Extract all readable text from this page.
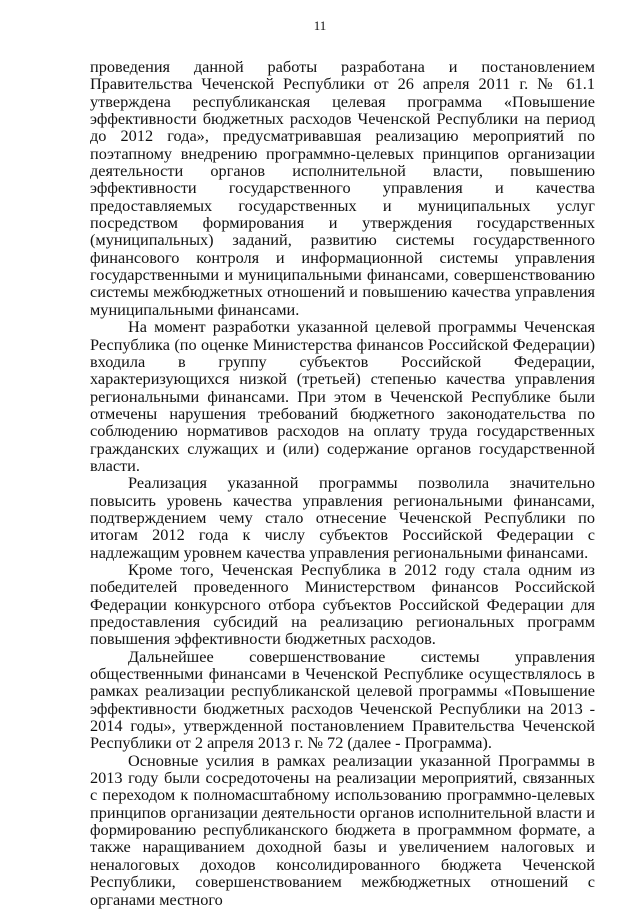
11

проведения данной работы разработана и постановлением Правительства Чеченской Республики от 26 апреля 2011 г. № 61.1 утверждена республиканская целевая программа «Повышение эффективности бюджетных расходов Чеченской Республики на период до 2012 года», предусматривавшая реализацию мероприятий по поэтапному внедрению программно-целевых принципов организации деятельности органов исполнительной власти, повышению эффективности государственного управления и качества предоставляемых государственных и муниципальных услуг посредством формирования и утверждения государственных (муниципальных) заданий, развитию системы государственного финансового контроля и информационной системы управления государственными и муниципальными финансами, совершенствованию системы межбюджетных отношений и повышению качества управления муниципальными финансами.

На момент разработки указанной целевой программы Чеченская Республика (по оценке Министерства финансов Российской Федерации) входила в группу субъектов Российской Федерации, характеризующихся низкой (третьей) степенью качества управления региональными финансами. При этом в Чеченской Республике были отмечены нарушения требований бюджетного законодательства по соблюдению нормативов расходов на оплату труда государственных гражданских служащих и (или) содержание органов государственной власти.

Реализация указанной программы позволила значительно повысить уровень качества управления региональными финансами, подтверждением чему стало отнесение Чеченской Республики по итогам 2012 года к числу субъектов Российской Федерации с надлежащим уровнем качества управления региональными финансами.

Кроме того, Чеченская Республика в 2012 году стала одним из победителей проведенного Министерством финансов Российской Федерации конкурсного отбора субъектов Российской Федерации для предоставления субсидий на реализацию региональных программ повышения эффективности бюджетных расходов.

Дальнейшее совершенствование системы управления общественными финансами в Чеченской Республике осуществлялось в рамках реализации республиканской целевой программы «Повышение эффективности бюджетных расходов Чеченской Республики на 2013 - 2014 годы», утвержденной постановлением Правительства Чеченской Республики от 2 апреля 2013 г. № 72 (далее - Программа).

Основные усилия в рамках реализации указанной Программы в 2013 году были сосредоточены на реализации мероприятий, связанных с переходом к полномасштабному использованию программно-целевых принципов организации деятельности органов исполнительной власти и формированию республиканского бюджета в программном формате, а также наращиванием доходной базы и увеличением налоговых и неналоговых доходов консолидированного бюджета Чеченской Республики, совершенствованием межбюджетных отношений с органами местного
